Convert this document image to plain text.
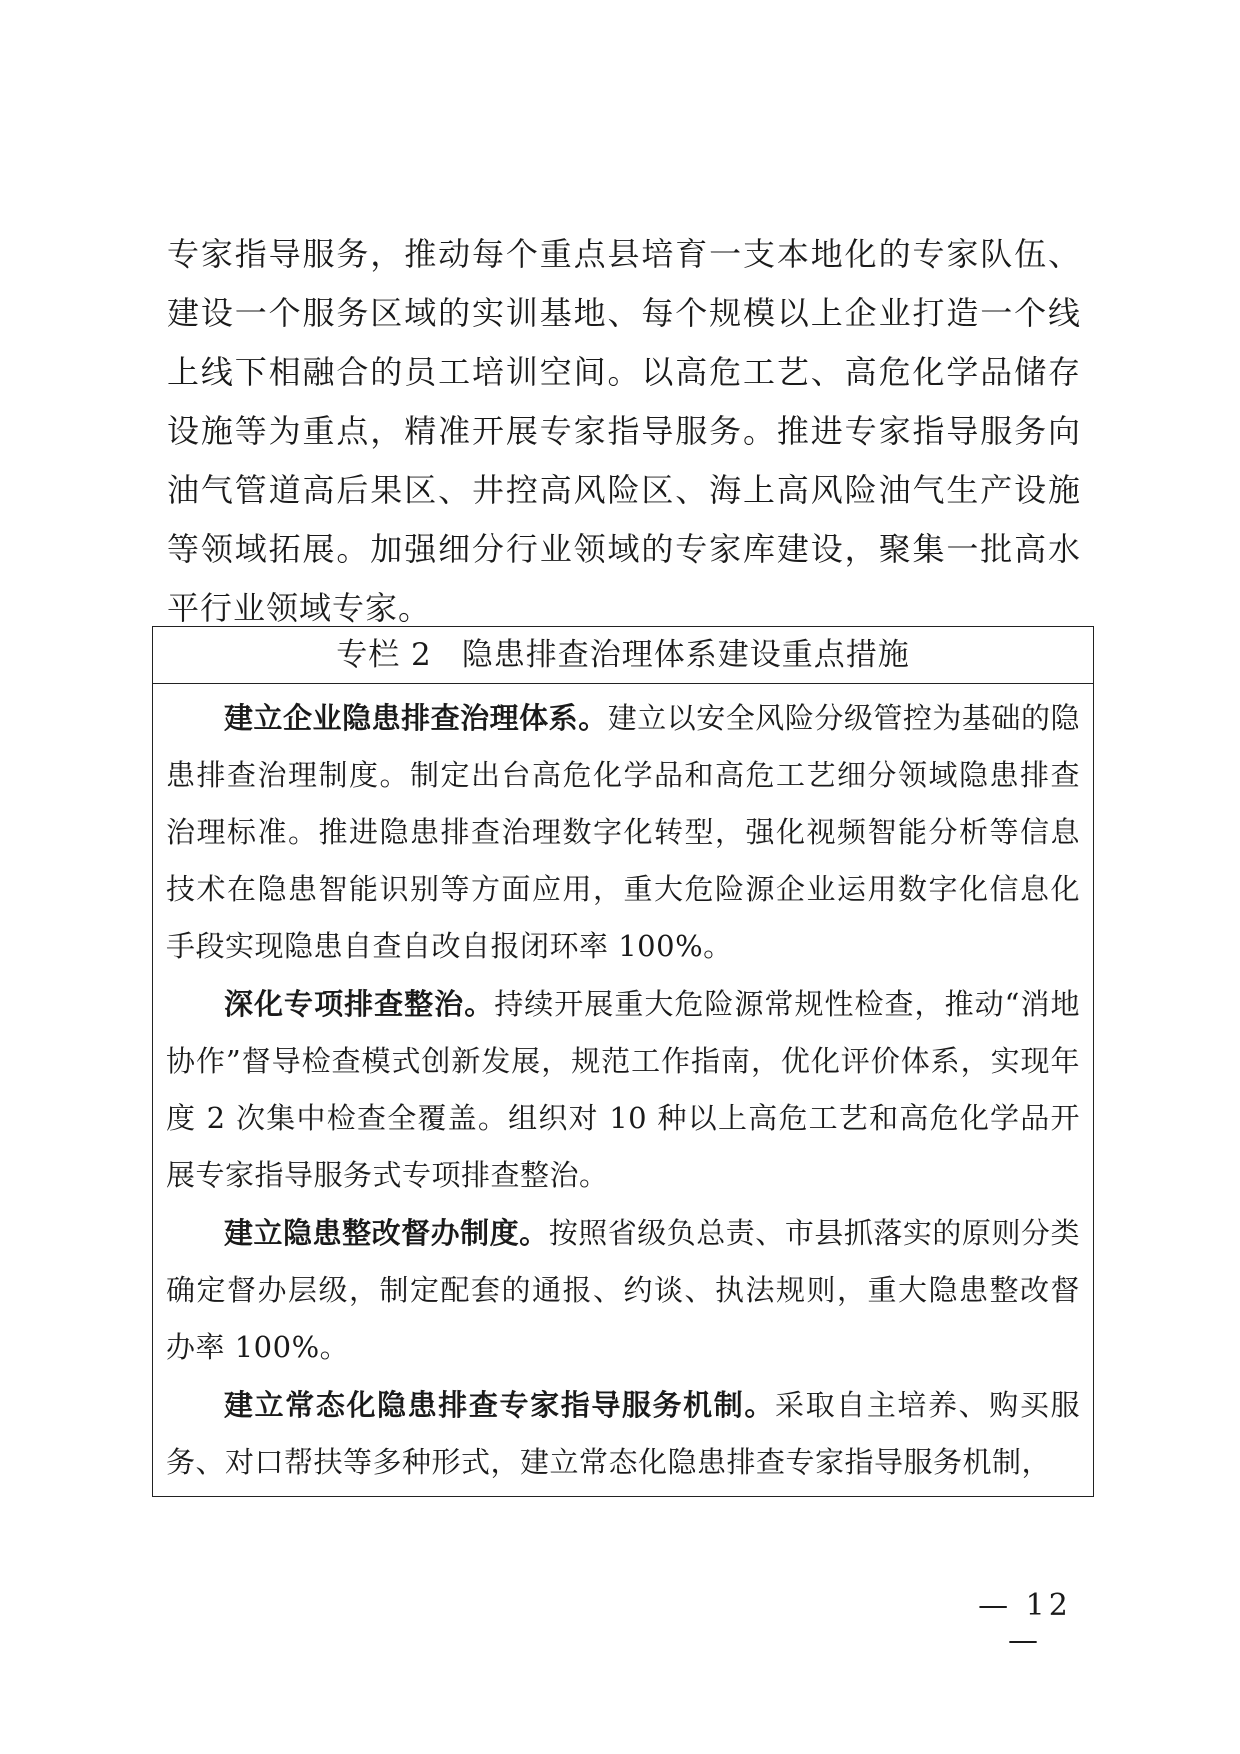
专家指导服务，推动每个重点县培育一支本地化的专家队伍、建设一个服务区域的实训基地、每个规模以上企业打造一个线上线下相融合的员工培训空间。以高危工艺、高危化学品储存设施等为重点，精准开展专家指导服务。推进专家指导服务向油气管道高后果区、井控高风险区、海上高风险油气生产设施等领域拓展。加强细分行业领域的专家库建设，聚集一批高水平行业领域专家。

专栏 2 隐患排查治理体系建设重点措施

建立企业隐患排查治理体系。建立以安全风险分级管控为基础的隐患排查治理制度。制定出台高危化学品和高危工艺细分领域隐患排查治理标准。推进隐患排查治理数字化转型，强化视频智能分析等信息技术在隐患智能识别等方面应用，重大危险源企业运用数字化信息化手段实现隐患自查自改自报闭环率 100%。

深化专项排查整治。持续开展重大危险源常规性检查，推动“消地协作”督导检查模式创新发展，规范工作指南，优化评价体系，实现年度 2 次集中检查全覆盖。组织对 10 种以上高危工艺和高危化学品开展专家指导服务式专项排查整治。

建立隐患整改督办制度。按照省级负总责、市县抓落实的原则分类确定督办层级，制定配套的通报、约谈、执法规则，重大隐患整改督办率 100%。

建立常态化隐患排查专家指导服务机制。采取自主培养、购买服务、对口帮扶等多种形式，建立常态化隐患排查专家指导服务机制，

— 12 —
